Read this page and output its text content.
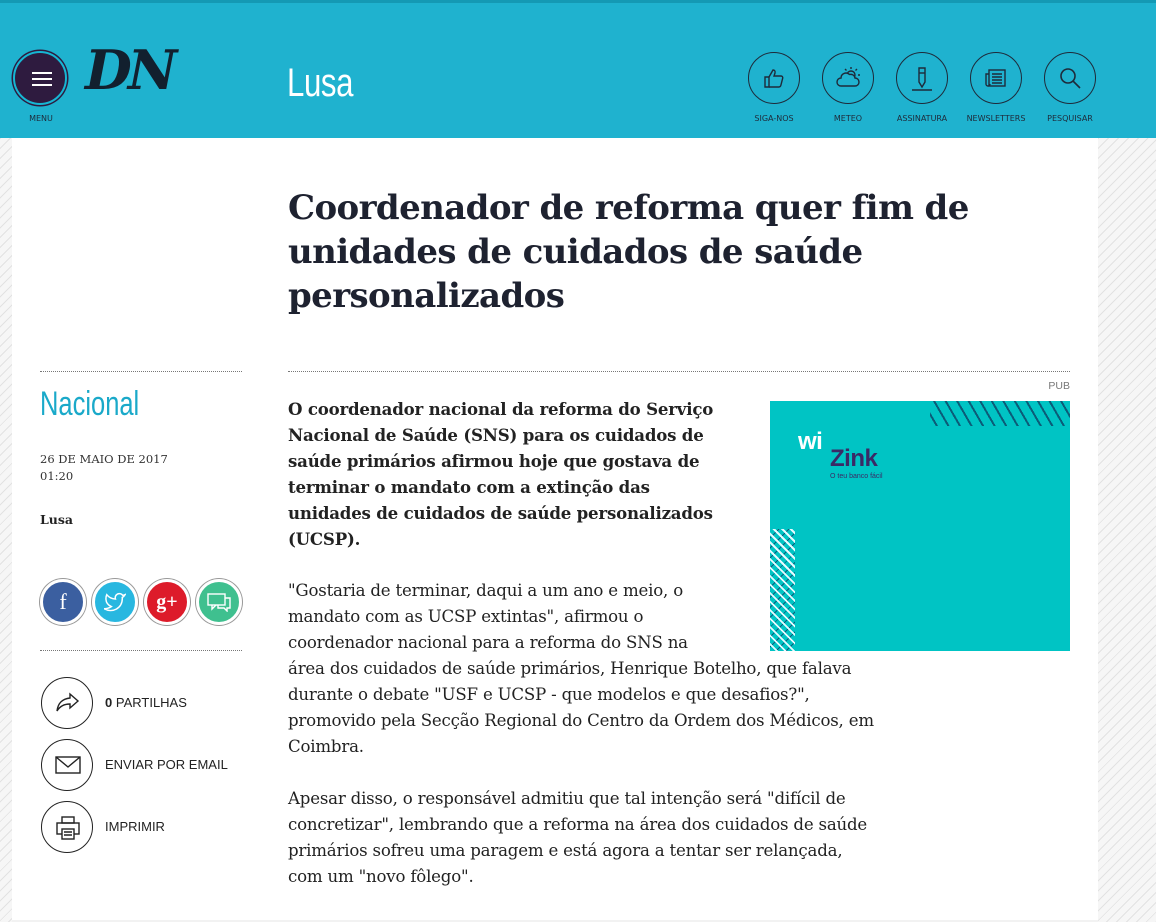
MENU
DN	Lusa
SIGA-NOS	METEO	ASSINATURA	NEWSLETTERS	PESQUISAR
Coordenador de reforma quer fim de unidades de cuidados de saúde personalizados
Nacional
26 DE MAIO DE 2017
01:20
Lusa
f	g+
0 PARTILHAS
ENVIAR POR EMAIL
IMPRIMIR
O coordenador nacional da reforma do Serviço Nacional de Saúde (SNS) para os cuidados de saúde primários afirmou hoje que gostava de terminar o mandato com a extinção das unidades de cuidados de saúde personalizados (UCSP).
"Gostaria de terminar, daqui a um ano e meio, o mandato com as UCSP extintas", afirmou o coordenador nacional para a reforma do SNS na área dos cuidados de saúde primários, Henrique Botelho, que falava durante o debate "USF e UCSP - que modelos e que desafios?", promovido pela Secção Regional do Centro da Ordem dos Médicos, em Coimbra.
Apesar disso, o responsável admitiu que tal intenção será "difícil de concretizar", lembrando que a reforma na área dos cuidados de saúde primários sofreu uma paragem e está agora a tentar ser relançada, com um "novo fôlego".
PUB
wi
Zink
O teu banco fácil
